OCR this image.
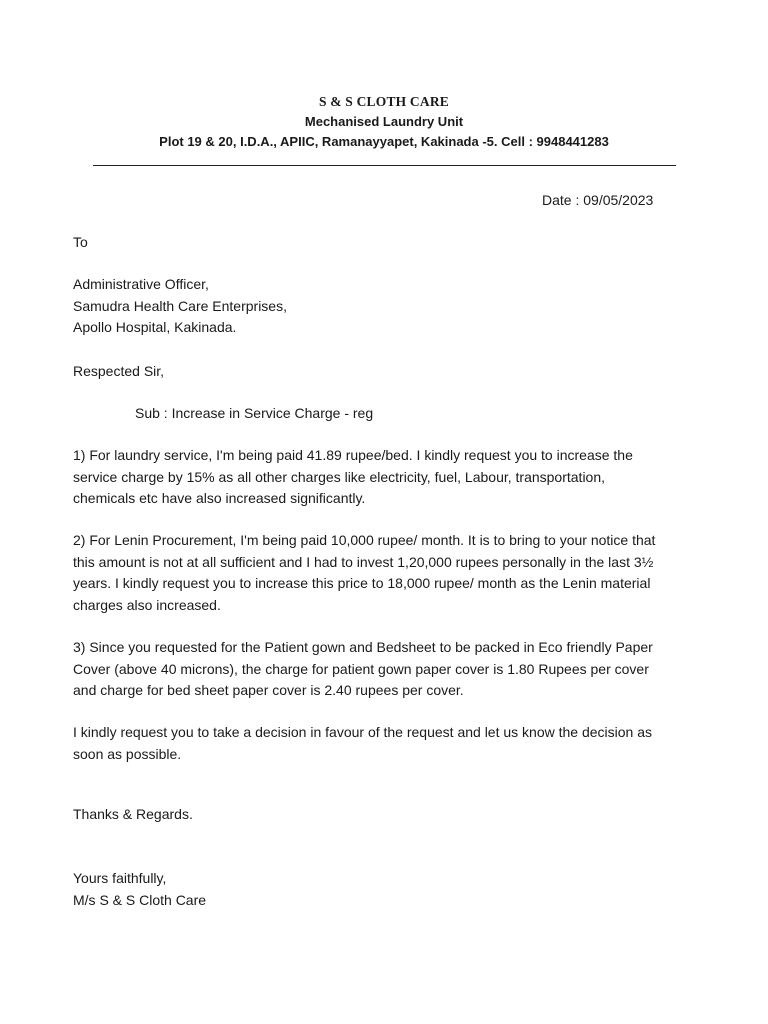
S & S CLOTH CARE
Mechanised Laundry Unit
Plot 19 & 20, I.D.A., APIIC, Ramanayyapet, Kakinada -5. Cell : 9948441283
Date : 09/05/2023
To
Administrative Officer,
Samudra Health Care Enterprises,
Apollo Hospital, Kakinada.
Respected Sir,
Sub : Increase in Service Charge - reg
1) For laundry service, I'm being paid 41.89 rupee/bed. I kindly request you to increase the
service charge by 15% as all other charges like electricity, fuel, Labour, transportation,
chemicals etc have also increased significantly.
2) For Lenin Procurement, I'm being paid 10,000 rupee/ month. It is to bring to your notice that
this amount is not at all sufficient and I had to invest 1,20,000 rupees personally in the last 3½
years. I kindly request you to increase this price to 18,000 rupee/ month as the Lenin material
charges also increased.
3) Since you requested for the Patient gown and Bedsheet to be packed in Eco friendly Paper
Cover (above 40 microns), the charge for patient gown paper cover is 1.80 Rupees per cover
and charge for bed sheet paper cover is 2.40 rupees per cover.
I kindly request you to take a decision in favour of the request and let us know the decision as
soon as possible.
Thanks & Regards.
Yours faithfully,
M/s S & S Cloth Care
